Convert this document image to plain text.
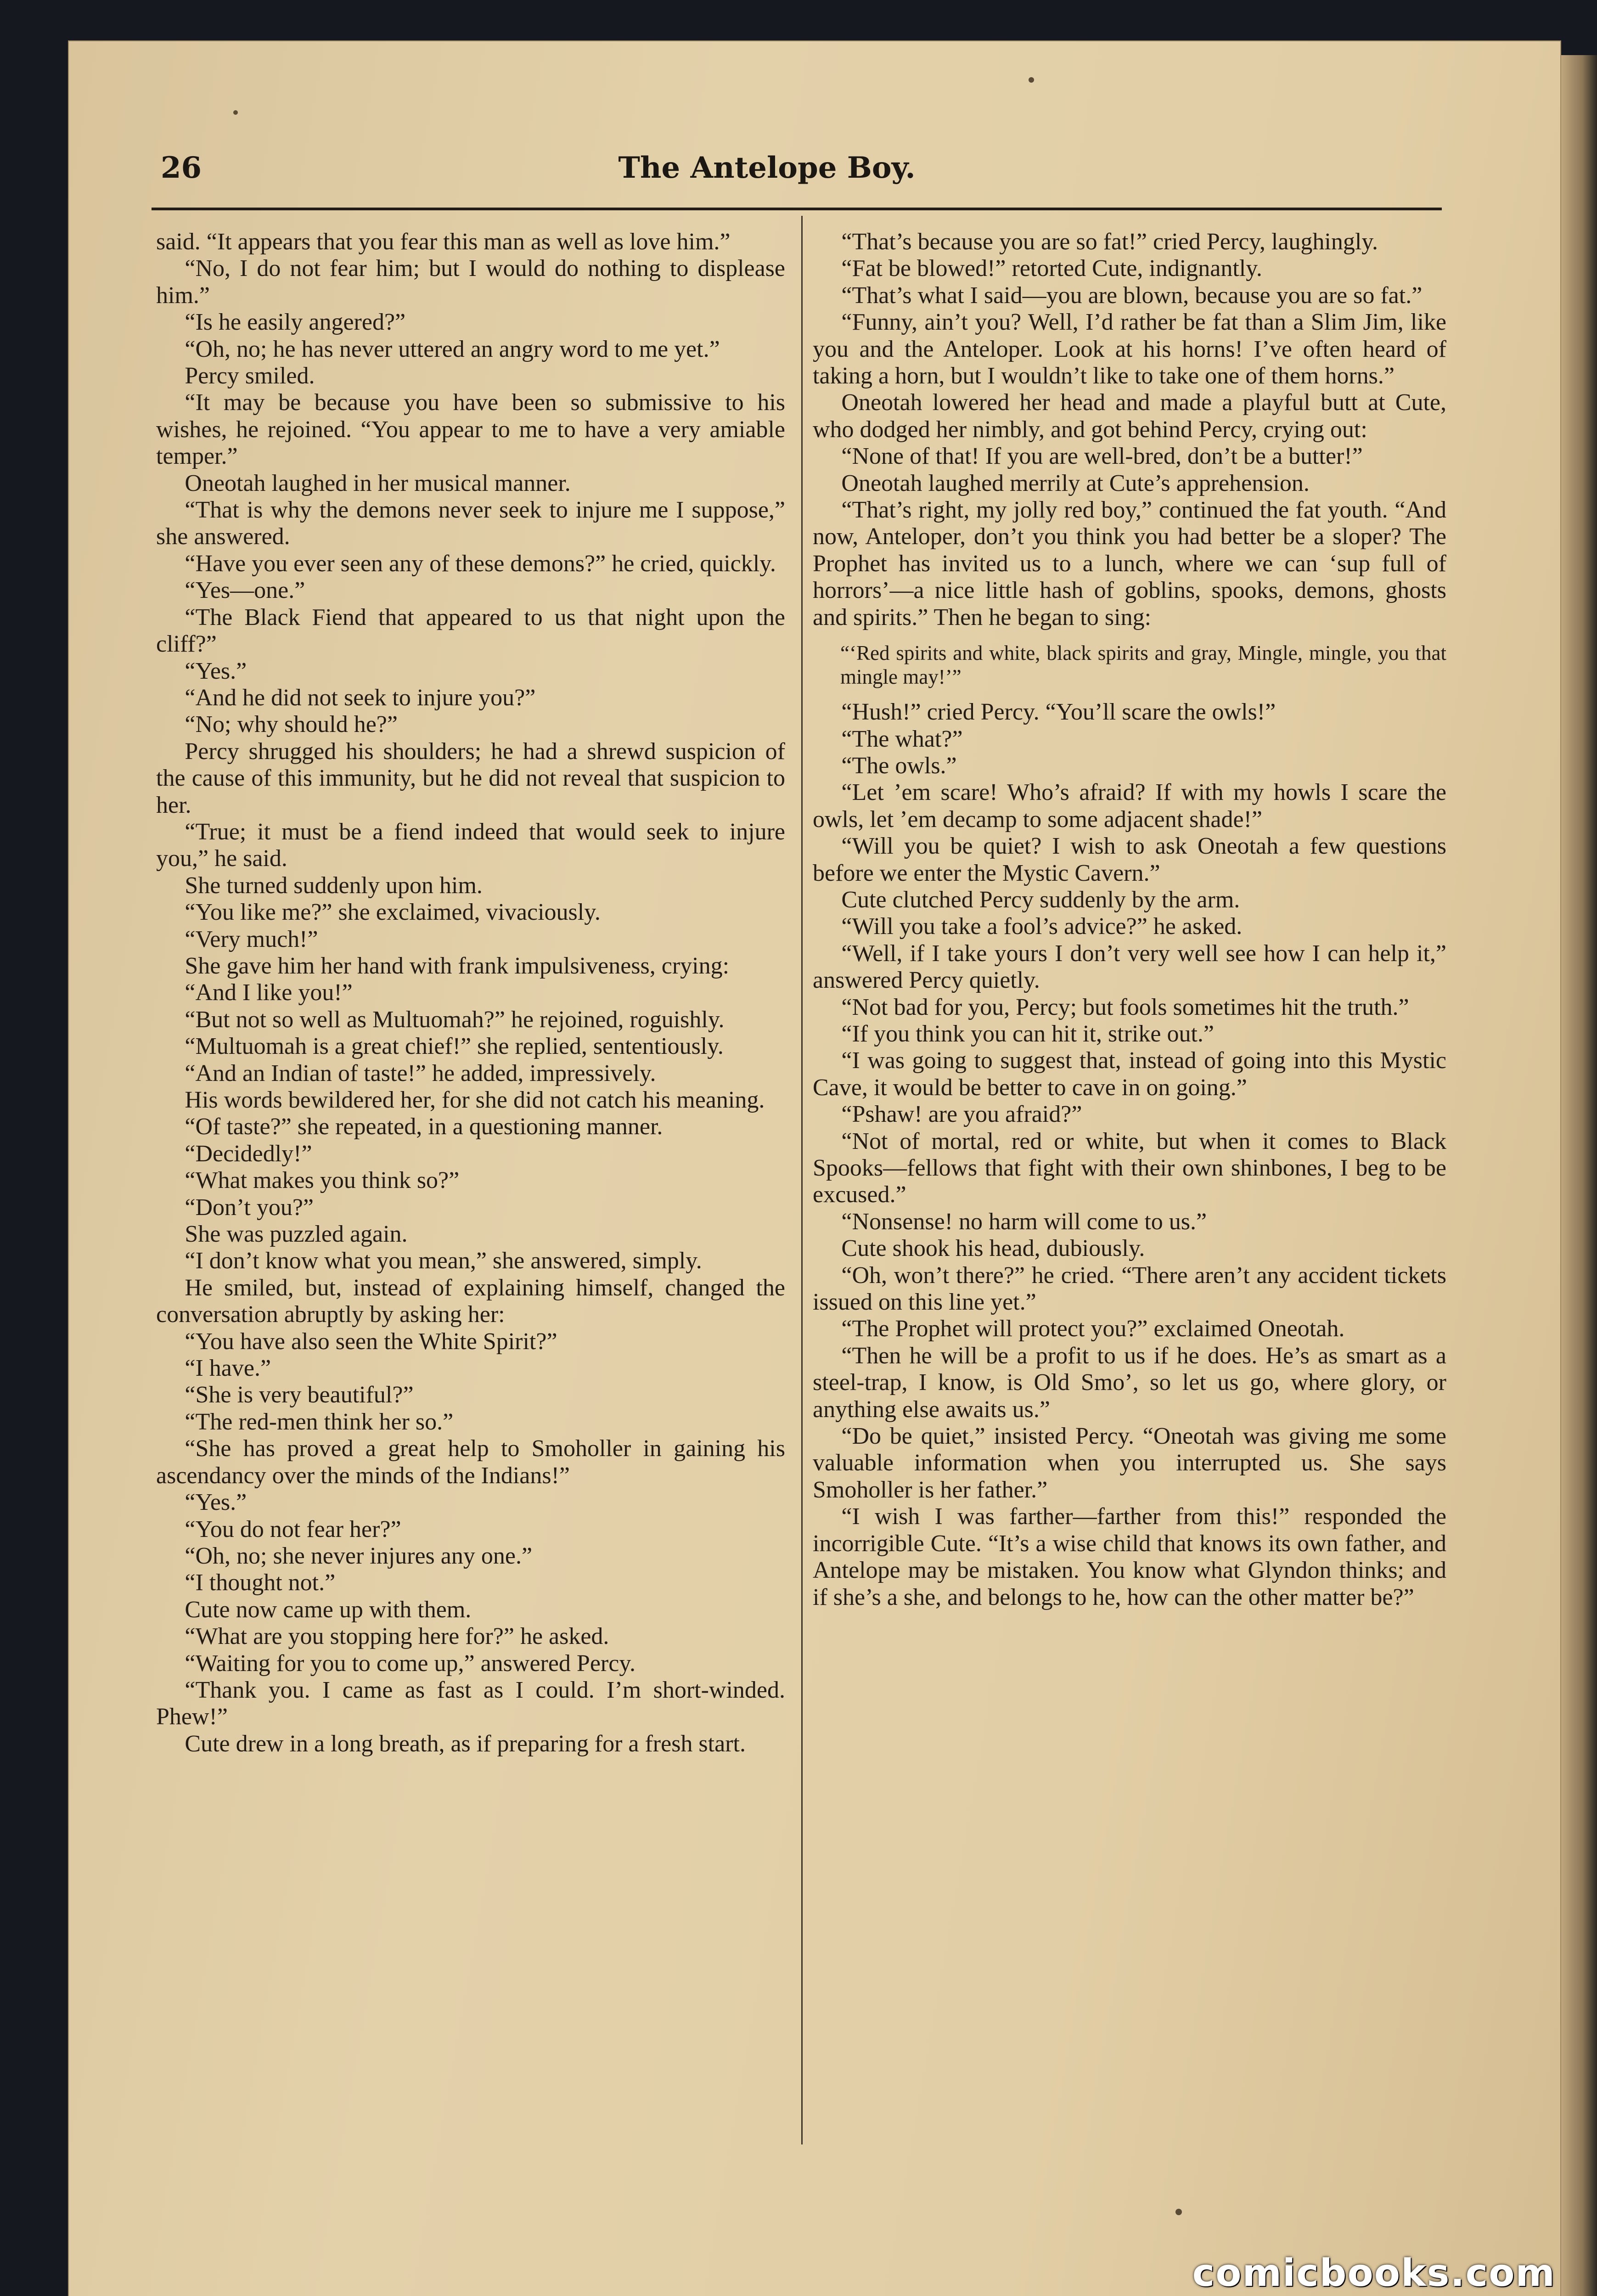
26	The Antelope Boy.

said. “It appears that you fear this man as well as love him.”

“No, I do not fear him; but I would do nothing to displease him.”

“Is he easily angered?”

“Oh, no; he has never uttered an angry word to me yet.”

Percy smiled.

“It may be because you have been so submissive to his wishes, he rejoined. “You appear to me to have a very amiable temper.”

Oneotah laughed in her musical manner.

“That is why the demons never seek to injure me I suppose,” she answered.

“Have you ever seen any of these demons?” he cried, quickly.

“Yes—one.”

“The Black Fiend that appeared to us that night upon the cliff?”

“Yes.”

“And he did not seek to injure you?”

“No; why should he?”

Percy shrugged his shoulders; he had a shrewd suspicion of the cause of this immunity, but he did not reveal that suspicion to her.

“True; it must be a fiend indeed that would seek to injure you,” he said.

She turned suddenly upon him.

“You like me?” she exclaimed, vivaciously.

“Very much!”

She gave him her hand with frank impulsiveness, crying:

“And I like you!”

“But not so well as Multuomah?” he rejoined, roguishly.

“Multuomah is a great chief!” she replied, sententiously.

“And an Indian of taste!” he added, impressively.

His words bewildered her, for she did not catch his meaning.

“Of taste?” she repeated, in a questioning manner.

“Decidedly!”

“What makes you think so?”

“Don’t you?”

She was puzzled again.

“I don’t know what you mean,” she answered, simply.

He smiled, but, instead of explaining himself, changed the conversation abruptly by asking her:

“You have also seen the White Spirit?”

“I have.”

“She is very beautiful?”

“The red-men think her so.”

“She has proved a great help to Smoholler in gaining his ascendancy over the minds of the Indians!”

“Yes.”

“You do not fear her?”

“Oh, no; she never injures any one.”

“I thought not.”

Cute now came up with them.

“What are you stopping here for?” he asked.

“Waiting for you to come up,” answered Percy.

“Thank you. I came as fast as I could. I’m short-winded. Phew!”

Cute drew in a long breath, as if preparing for a fresh start.

“That’s because you are so fat!” cried Percy, laughingly.

“Fat be blowed!” retorted Cute, indignantly.

“That’s what I said—you are blown, because you are so fat.”

“Funny, ain’t you? Well, I’d rather be fat than a Slim Jim, like you and the Anteloper. Look at his horns! I’ve often heard of taking a horn, but I wouldn’t like to take one of them horns.”

Oneotah lowered her head and made a playful butt at Cute, who dodged her nimbly, and got behind Percy, crying out:

“None of that! If you are well-bred, don’t be a butter!”

Oneotah laughed merrily at Cute’s apprehension.

“That’s right, my jolly red boy,” continued the fat youth. “And now, Anteloper, don’t you think you had better be a sloper? The Prophet has invited us to a lunch, where we can ‘sup full of horrors’—a nice little hash of goblins, spooks, demons, ghosts and spirits.” Then he began to sing:

“‘Red spirits and white, black spirits and gray, Mingle, mingle, you that mingle may!’”

“Hush!” cried Percy. “You’ll scare the owls!”

“The what?”

“The owls.”

“Let ’em scare! Who’s afraid? If with my howls I scare the owls, let ’em decamp to some adjacent shade!”

“Will you be quiet? I wish to ask Oneotah a few questions before we enter the Mystic Cavern.”

Cute clutched Percy suddenly by the arm.

“Will you take a fool’s advice?” he asked.

“Well, if I take yours I don’t very well see how I can help it,” answered Percy quietly.

“Not bad for you, Percy; but fools sometimes hit the truth.”

“If you think you can hit it, strike out.”

“I was going to suggest that, instead of going into this Mystic Cave, it would be better to cave in on going.”

“Pshaw! are you afraid?”

“Not of mortal, red or white, but when it comes to Black Spooks—fellows that fight with their own shinbones, I beg to be excused.”

“Nonsense! no harm will come to us.”

Cute shook his head, dubiously.

“Oh, won’t there?” he cried. “There aren’t any accident tickets issued on this line yet.”

“The Prophet will protect you?” exclaimed Oneotah.

“Then he will be a profit to us if he does. He’s as smart as a steel-trap, I know, is Old Smo’, so let us go, where glory, or anything else awaits us.”

“Do be quiet,” insisted Percy. “Oneotah was giving me some valuable information when you interrupted us. She says Smoholler is her father.”

“I wish I was farther—farther from this!” responded the incorrigible Cute. “It’s a wise child that knows its own father, and Antelope may be mistaken. You know what Glyndon thinks; and if she’s a she, and belongs to he, how can the other matter be?”

comicbooks.com
